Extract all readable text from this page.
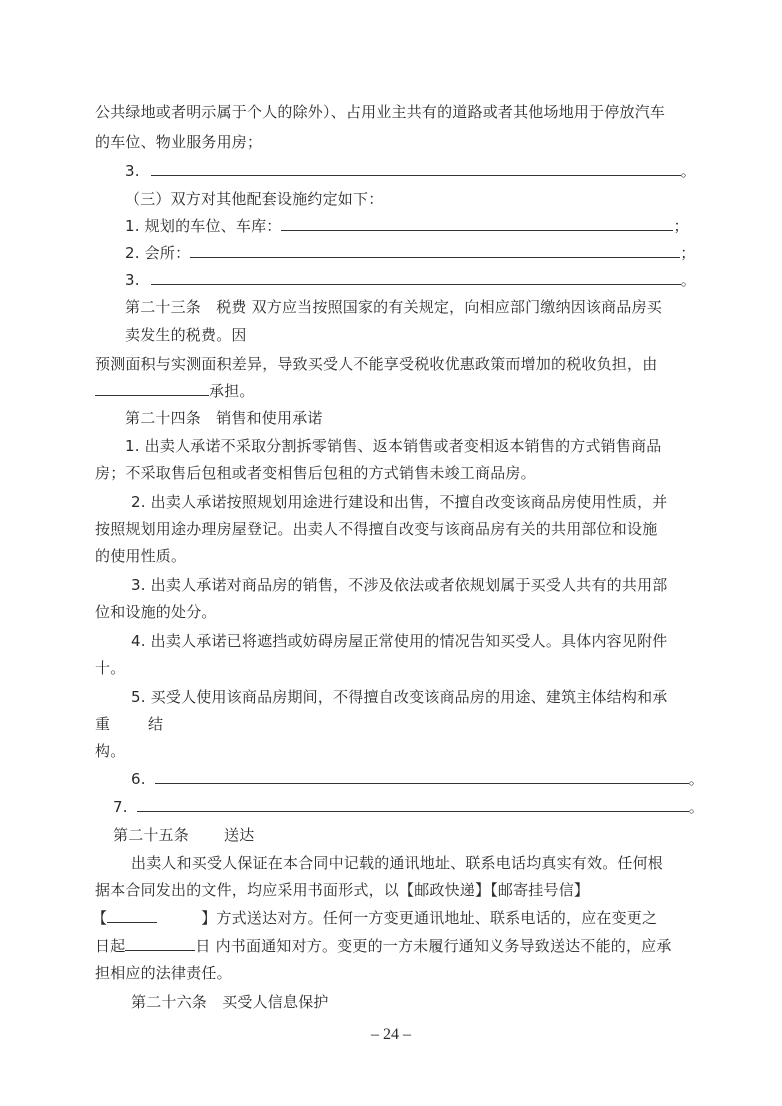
公共绿地或者明示属于个人的除外）、占用业主共有的道路或者其他场地用于停放汽车
的车位、物业服务用房；
3.	。
（三）双方对其他配套设施约定如下：
1. 规划的车位、车库：	；
2. 会所：	；
3.	。
第二十三条　税费 双方应当按照国家的有关规定，向相应部门缴纳因该商品房买
卖发生的税费。因
预测面积与实测面积差异，导致买受人不能享受税收优惠政策而增加的税收负担，由
承担。
第二十四条　销售和使用承诺
1. 出卖人承诺不采取分割拆零销售、返本销售或者变相返本销售的方式销售商品
房；不采取售后包租或者变相售后包租的方式销售未竣工商品房。
2. 出卖人承诺按照规划用途进行建设和出售，不擅自改变该商品房使用性质，并
按照规划用途办理房屋登记。出卖人不得擅自改变与该商品房有关的共用部位和设施
的使用性质。
3. 出卖人承诺对商品房的销售，不涉及依法或者依规划属于买受人共有的共用部
位和设施的处分。
4. 出卖人承诺已将遮挡或妨碍房屋正常使用的情况告知买受人。具体内容见附件
十。
5. 买受人使用该商品房期间，不得擅自改变该商品房的用途、建筑主体结构和承
重	结
构。
6.	。
7.	。
第二十五条 送达
出卖人和买受人保证在本合同中记载的通讯地址、联系电话均真实有效。任何根
据本合同发出的文件，均应采用书面形式，以【邮政快递】【邮寄挂号信】
【	】方式送达对方。任何一方变更通讯地址、联系电话的，应在变更之
日起	日 内书面通知对方。变更的一方未履行通知义务导致送达不能的，应承
担相应的法律责任。
第二十六条　买受人信息保护
– 24 –
